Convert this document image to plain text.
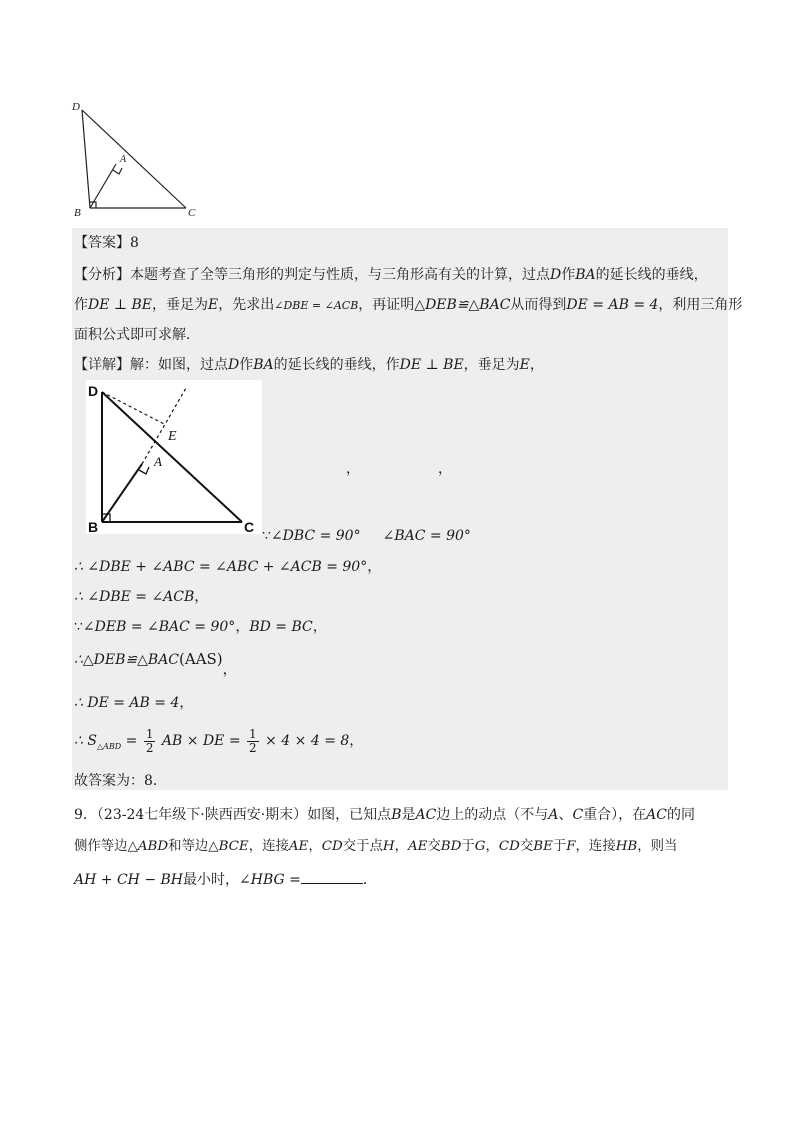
D
A
B	C
【答案】8
【分析】本题考查了全等三角形的判定与性质，与三角形高有关的计算，过点D作BA的延长线的垂线，
作DE ⊥ BE，垂足为E，先求出∠DBE = ∠ACB，再证明△DEB≌△BAC从而得到DE = AB = 4，利用三角形
面积公式即可求解．
【详解】解：如图，过点D作BA的延长线的垂线，作DE ⊥ BE，垂足为E，
D
E
A
B	C
，	，
∵∠DBC = 90° ∠BAC = 90°
∴ ∠DBE + ∠ABC = ∠ABC + ∠ACB = 90°，
∴ ∠DBE = ∠ACB，
∵∠DEB = ∠BAC = 90°，BD = BC，
∴△DEB≌△BAC(AAS)，
∴ DE = AB = 4，
∴ $S_{\triangle ABD} = \frac{1}{2}$ AB × DE = $\frac{1}{2} \times 4 \times 4 = 8$，
故答案为：8．
9．（23-24七年级下·陕西西安·期末）如图，已知点B是AC边上的动点（不与A、C重合），在AC的同
侧作等边△ABD和等边△BCE，连接AE，CD交于点H，AE交BD于G，CD交BE于F，连接HB，则当
AH + CH − BH最小时，∠HBG =	．
